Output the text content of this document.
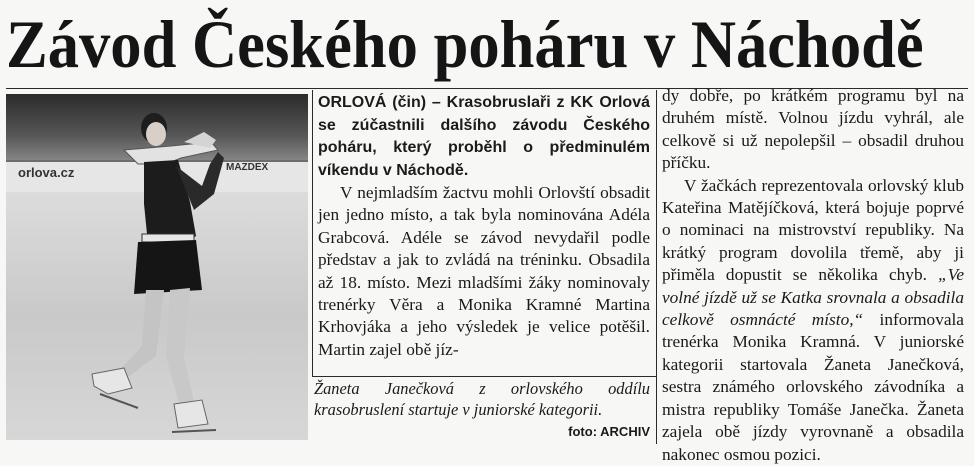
Závod Českého poháru v Náchodě
orlova.cz	MAZDEX
ORLOVÁ (čin) – Krasobruslaři z KK Orlová se zúčastnili dalšího závodu Českého poháru, který proběhl o předminulém víkendu v Náchodě.

V nejmladším žactvu mohli Orlovští obsadit jen jedno místo, a tak byla nominována Adéla Grabcová. Adéle se závod nevydařil podle představ a jak to zvládá na tréninku. Obsadila až 18. místo. Mezi mladšími žáky nominovaly trenérky Věra a Monika Kramné Martina Krhovjáka a jeho výsledek je velice potěšil. Martin zajel obě jíz-

dy dobře, po krátkém programu byl na druhém místě. Volnou jízdu vyhrál, ale celkově si už nepolepšil – obsadil druhou příčku.

V žačkách reprezentovala orlovský klub Kateřina Matějíčková, která bojuje poprvé o nominaci na mistrovství republiky. Na krátký program dovolila třemě, aby ji přiměla dopustit se několika chyb. „Ve volné jízdě už se Katka srovnala a obsadila celkově osmnácté místo,“ informovala trenérka Monika Kramná. V juniorské kategorii startovala Žaneta Janečková, sestra známého orlovského závodníka a mistra republiky Tomáše Janečka. Žaneta zajela obě jízdy vyrovnaně a obsadila nakonec osmou pozici.

Žaneta Janečková z orlovského oddílu krasobruslení startuje v juniorské kategorii.
foto: ARCHIV
